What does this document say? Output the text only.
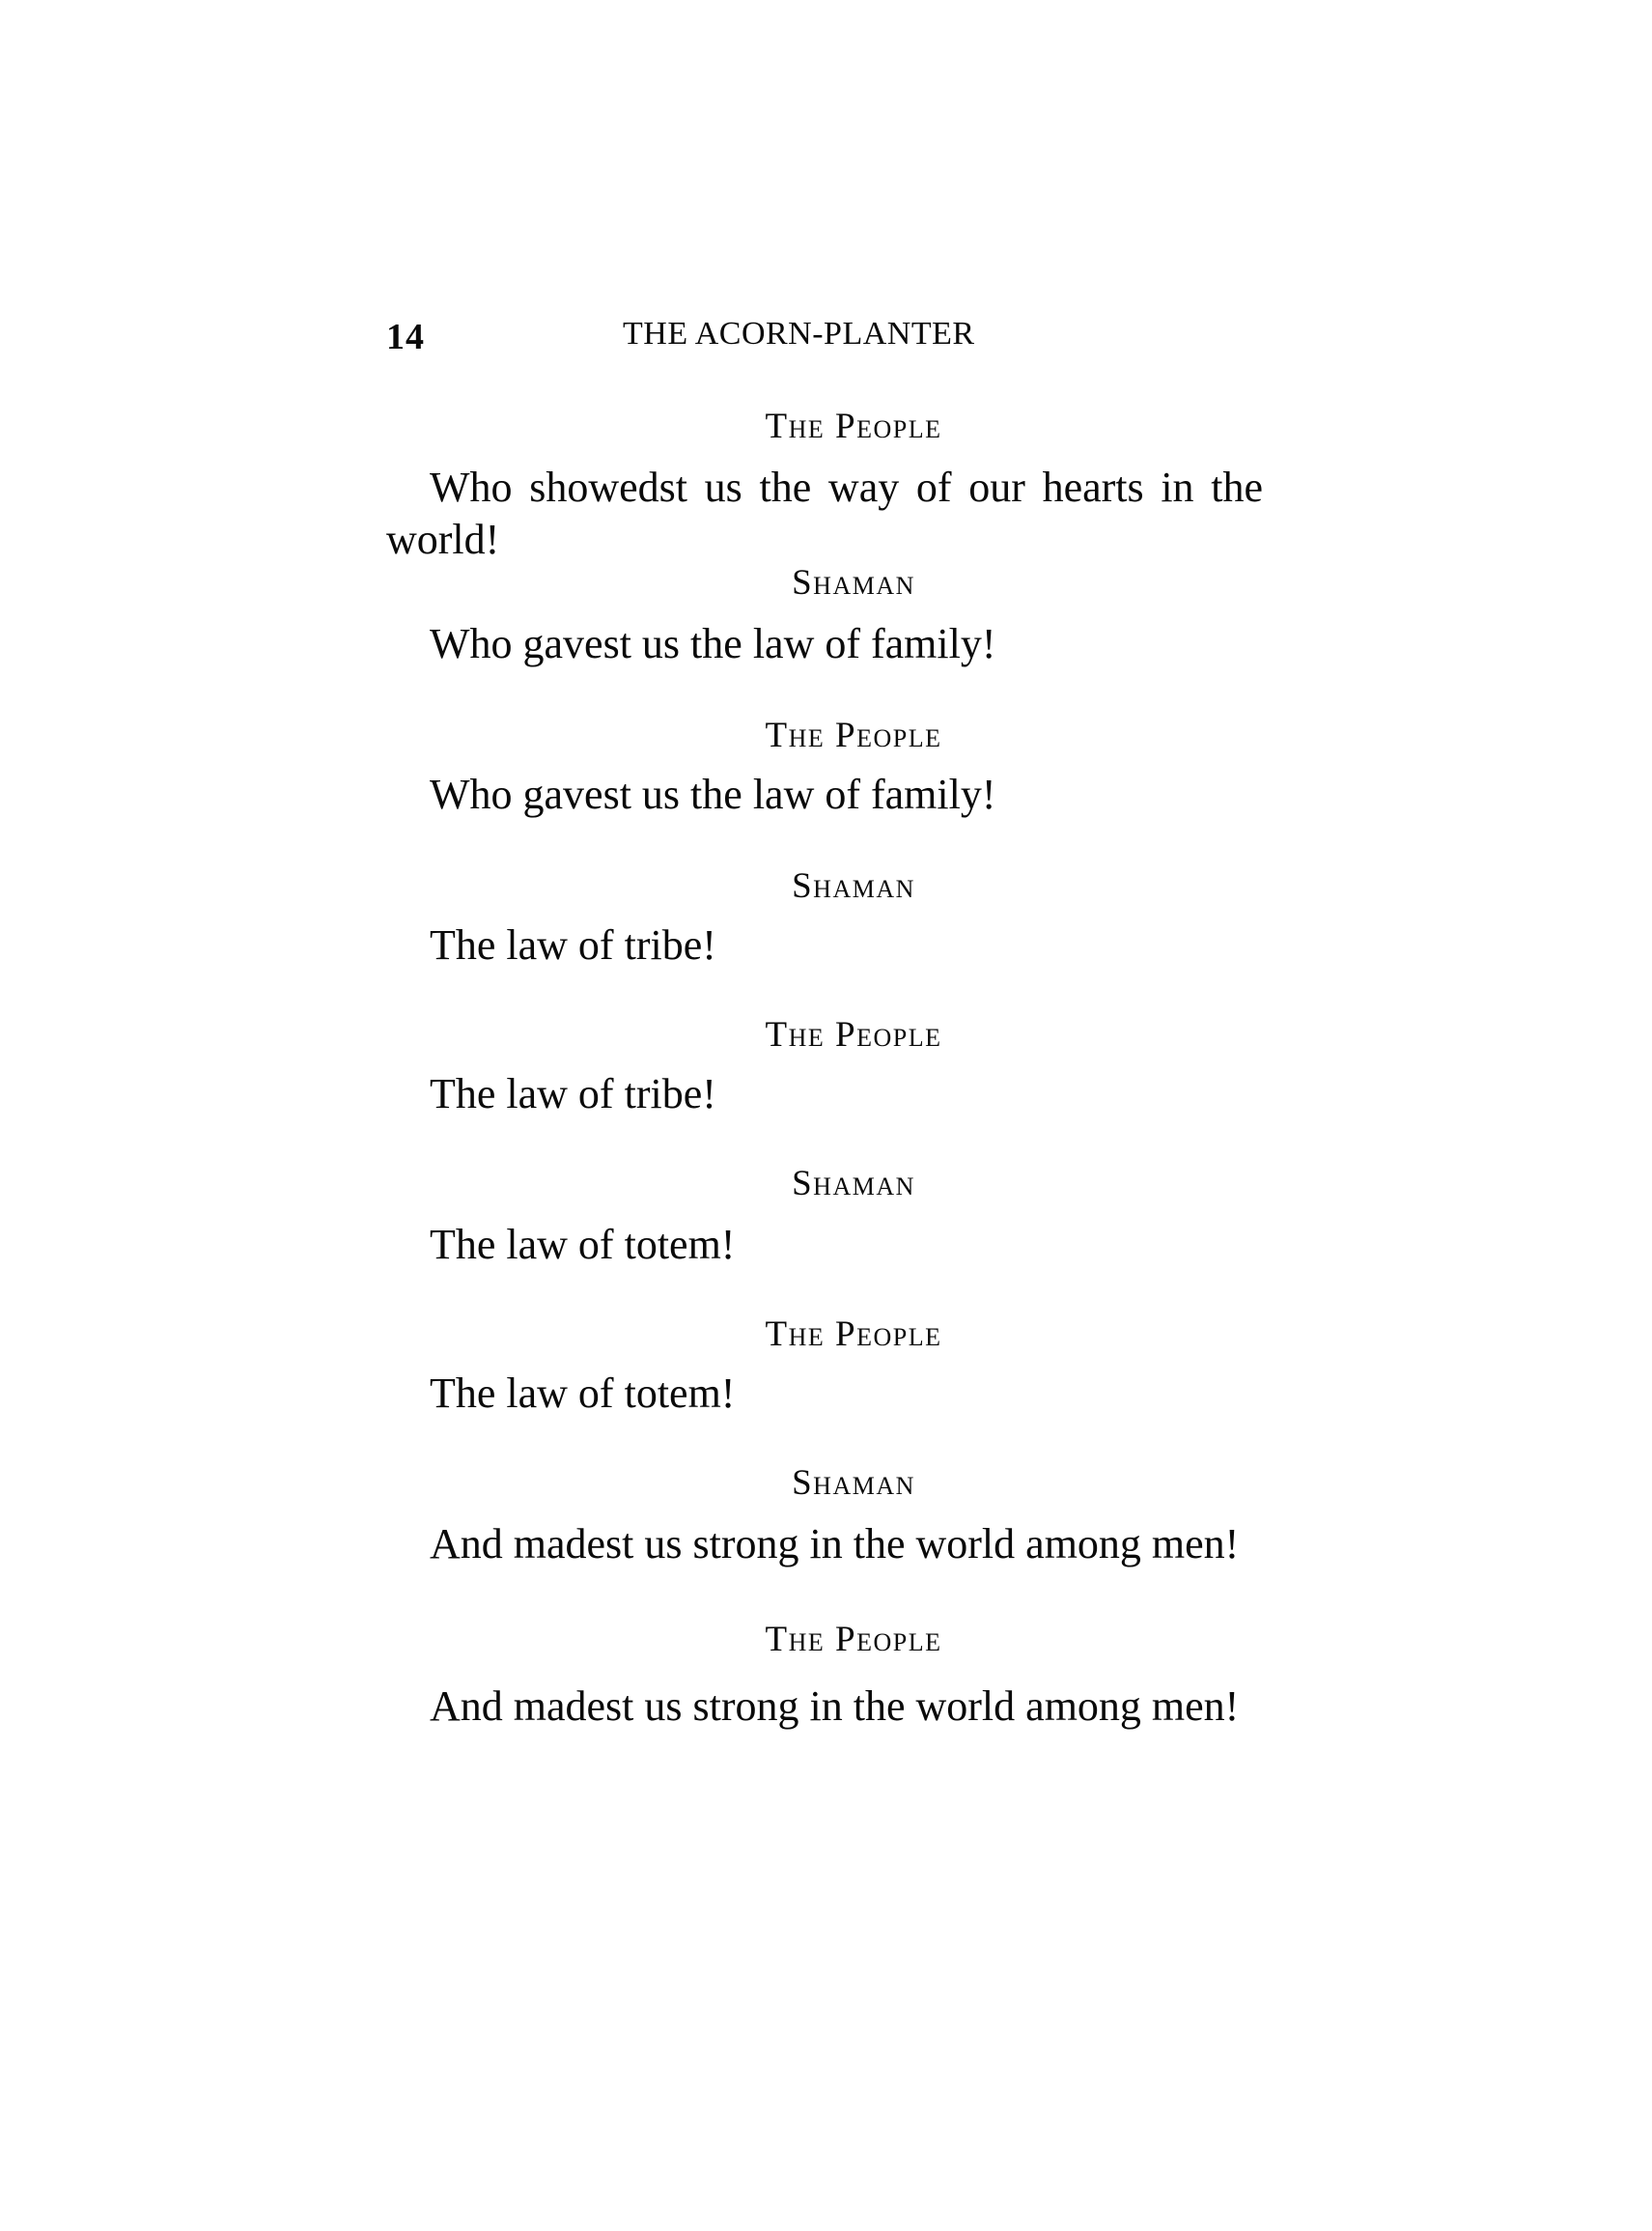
14	THE ACORN-PLANTER
The People
Who showedst us the way of our hearts in the world!
Shaman
Who gavest us the law of family!
The People
Who gavest us the law of family!
Shaman
The law of tribe!
The People
The law of tribe!
Shaman
The law of totem!
The People
The law of totem!
Shaman
And madest us strong in the world among men!
The People
And madest us strong in the world among men!
